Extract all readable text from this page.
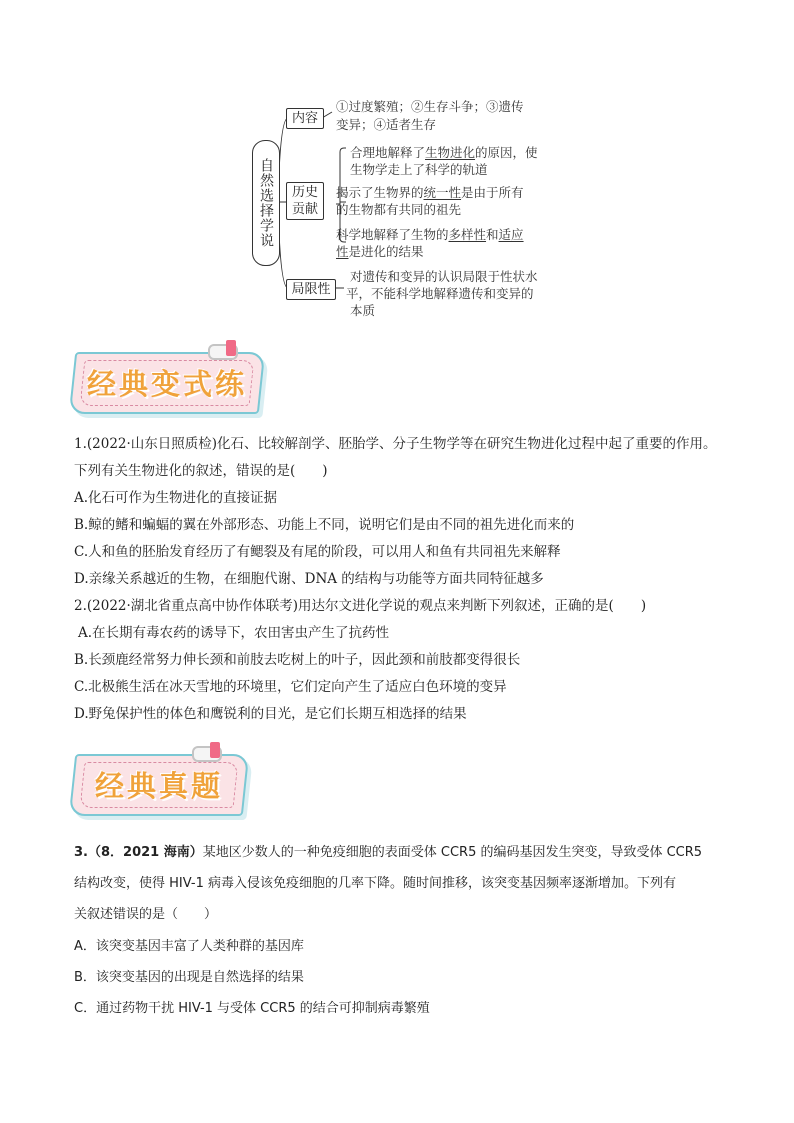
自然选择学说
内容
①过度繁殖；②生存斗争；③遗传
变异；④适者生存
历史
贡献
合理地解释了生物进化的原因，使
生物学走上了科学的轨道
揭示了生物界的统一性是由于所有
的生物都有共同的祖先
科学地解释了生物的多样性和适应
性是进化的结果
局限性
对遗传和变异的认识局限于性状水
平，不能科学地解释遗传和变异的
本质
经典变式练
1.(2022·山东日照质检)化石、比较解剖学、胚胎学、分子生物学等在研究生物进化过程中起了重要的作用。
下列有关生物进化的叙述，错误的是(　　)
A.化石可作为生物进化的直接证据
B.鲸的鳍和蝙蝠的翼在外部形态、功能上不同，说明它们是由不同的祖先进化而来的
C.人和鱼的胚胎发育经历了有鳃裂及有尾的阶段，可以用人和鱼有共同祖先来解释
D.亲缘关系越近的生物，在细胞代谢、DNA 的结构与功能等方面共同特征越多
2.(2022·湖北省重点高中协作体联考)用达尔文进化学说的观点来判断下列叙述，正确的是(　　)
A.在长期有毒农药的诱导下，农田害虫产生了抗药性
B.长颈鹿经常努力伸长颈和前肢去吃树上的叶子，因此颈和前肢都变得很长
C.北极熊生活在冰天雪地的环境里，它们定向产生了适应白色环境的变异
D.野兔保护性的体色和鹰锐利的目光，是它们长期互相选择的结果
经典真题
3.（8．2021 海南）某地区少数人的一种免疫细胞的表面受体 CCR5 的编码基因发生突变，导致受体 CCR5
结构改变，使得 HIV-1 病毒入侵该免疫细胞的几率下降。随时间推移，该突变基因频率逐渐增加。下列有
关叙述错误的是（　　）
A．该突变基因丰富了人类种群的基因库
B．该突变基因的出现是自然选择的结果
C．通过药物干扰 HIV-1 与受体 CCR5 的结合可抑制病毒繁殖
